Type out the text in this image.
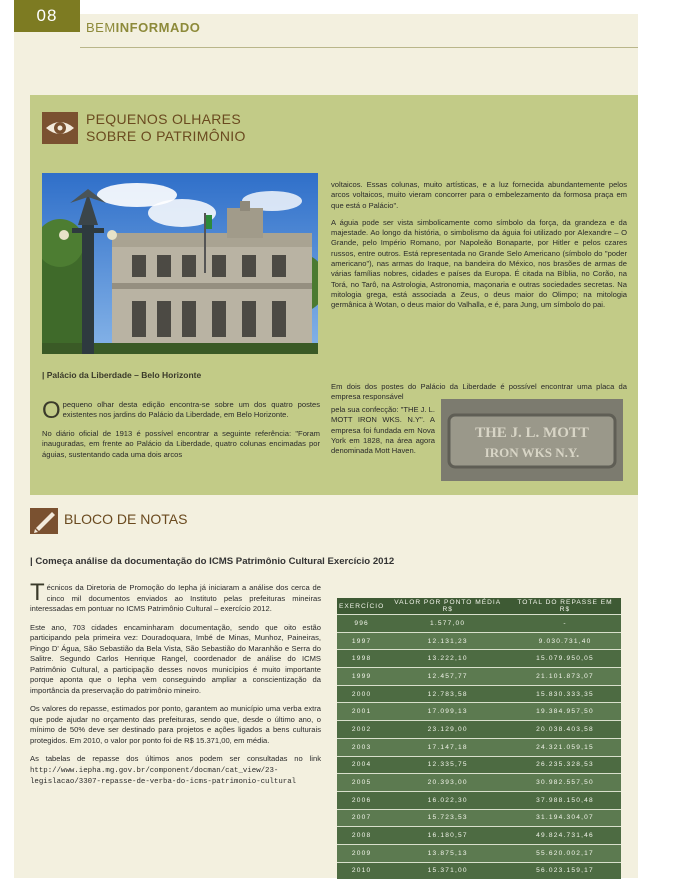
08
BEMINFORMADO
PEQUENOS OLHARES
SOBRE O PATRIMÔNIO
| Palácio da Liberdade – Belo Horizonte

Opequeno olhar desta edição encontra-se sobre um dos quatro postes existentes nos jardins do Palácio da Liberdade, em Belo Horizonte.

No diário oficial de 1913 é possível encontrar a seguinte referência: "Foram inauguradas, em frente ao Palácio da Liberdade, quatro colunas encimadas por águias, sustentando cada uma dois arcos

voltaicos. Essas colunas, muito artísticas, e a luz fornecida abundantemente pelos arcos voltaicos, muito vieram concorrer para o embelezamento da formosa praça em que está o Palácio".

A águia pode ser vista simbolicamente como símbolo da força, da grandeza e da majestade. Ao longo da história, o simbolismo da águia foi utilizado por Alexandre – O Grande, pelo Império Romano, por Napoleão Bonaparte, por Hitler e pelos czares russos, entre outros. Está representada no Grande Selo Americano (símbolo do "poder americano"), nas armas do Iraque, na bandeira do México, nos brasões de armas de várias famílias nobres, cidades e países da Europa. É citada na Bíblia, no Corão, na Torá, no Tarô, na Astrologia, Astronomia, maçonaria e outras sociedades secretas. Na mitologia grega, está associada a Zeus, o deus maior do Olimpo; na mitologia germânica à Wotan, o deus maior do Valhalla, e é, para Jung, um símbolo do pai.

Em dois dos postes do Palácio da Liberdade é possível encontrar uma placa da empresa responsável
pela sua confecção: "THE J. L. MOTT IRON WKS. N.Y". A empresa foi fundada em Nova York em 1828, na área agora denominada Mott Haven.
THE J. L. MOTT
IRON WKS N.Y.
BLOCO DE NOTAS
| Começa análise da documentação do ICMS Patrimônio Cultural Exercício 2012

Técnicos da Diretoria de Promoção do Iepha já iniciaram a análise dos cerca de cinco mil documentos enviados ao Instituto pelas prefeituras mineiras interessadas em pontuar no ICMS Patrimônio Cultural – exercício 2012.

Este ano, 703 cidades encaminharam documentação, sendo que oito estão participando pela primeira vez: Douradoquara, Imbé de Minas, Munhoz, Paineiras, Pingo D' Água, São Sebastião da Bela Vista, São Sebastião do Maranhão e Serra do Salitre. Segundo Carlos Henrique Rangel, coordenador de análise do ICMS Patrimônio Cultural, a participação desses novos municípios é muito importante porque aponta que o Iepha vem conseguindo ampliar a conscientização da importância da preservação do patrimônio mineiro.

Os valores do repasse, estimados por ponto, garantem ao município uma verba extra que pode ajudar no orçamento das prefeituras, sendo que, desde o último ano, o mínimo de 50% deve ser destinado para projetos e ações ligados a bens culturais protegidos. Em 2010, o valor por ponto foi de R$ 15.371,00, em média.

As tabelas de repasse dos últimos anos podem ser consultadas no link http://www.iepha.mg.gov.br/component/docman/cat_view/23-legislacao/3307-repasse-de-verba-do-icms-patrimonio-cultural

EXERCÍCIO	VALOR POR PONTO MÉDIA R$	TOTAL DO REPASSE EM R$
996	1.577,00	-
1997	12.131,23	9.030.731,40
1998	13.222,10	15.079.950,05
1999	12.457,77	21.101.873,07
2000	12.783,58	15.830.333,35
2001	17.099,13	19.384.957,50
2002	23.129,00	20.038.403,58
2003	17.147,18	24.321.059,15
2004	12.335,75	26.235.328,53
2005	20.393,00	30.982.557,50
2006	16.022,30	37.988.150,48
2007	15.723,53	31.194.304,07
2008	16.180,57	49.824.731,46
2009	13.875,13	55.620.002,17
2010	15.371,00	56.023.159,17
